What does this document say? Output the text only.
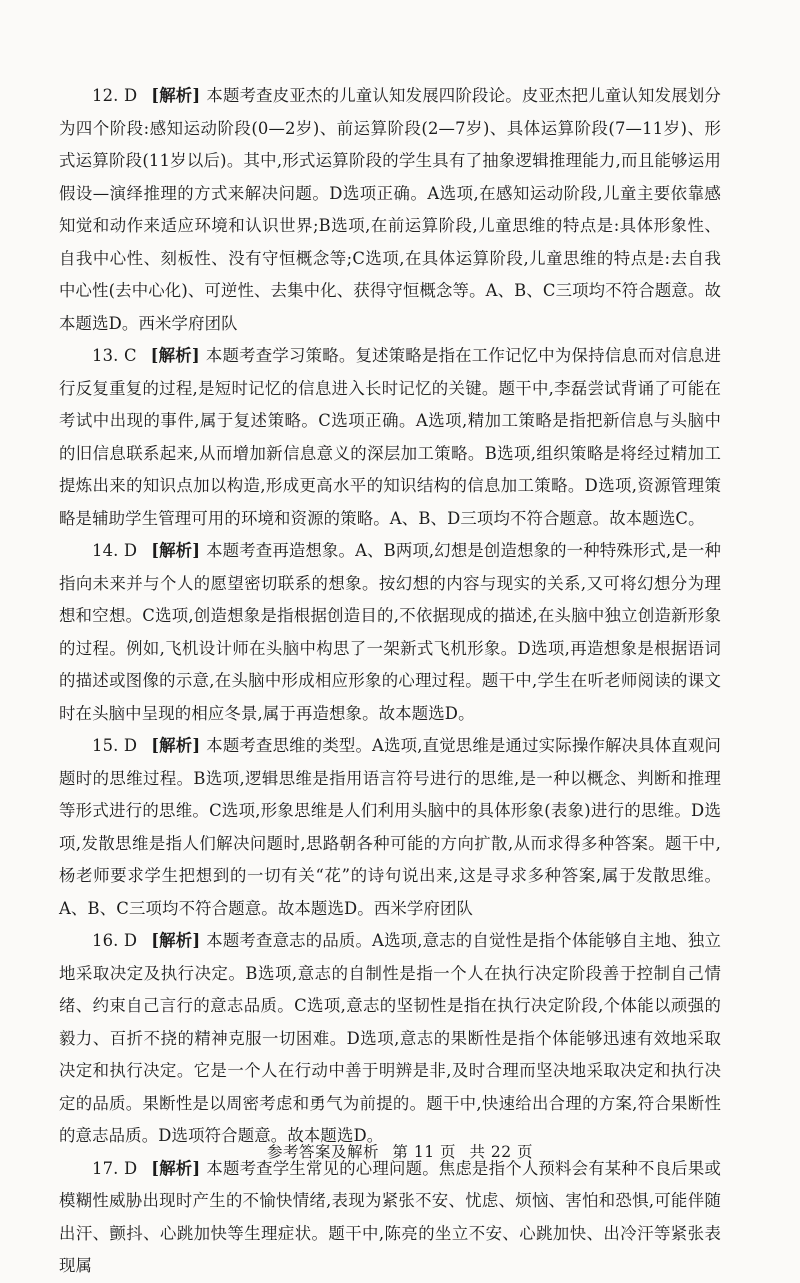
12. D [解析] 本题考查皮亚杰的儿童认知发展四阶段论。皮亚杰把儿童认知发展划分为四个阶段:感知运动阶段(0—2岁)、前运算阶段(2—7岁)、具体运算阶段(7—11岁)、形式运算阶段(11岁以后)。其中,形式运算阶段的学生具有了抽象逻辑推理能力,而且能够运用假设—演绎推理的方式来解决问题。D选项正确。A选项,在感知运动阶段,儿童主要依靠感知觉和动作来适应环境和认识世界;B选项,在前运算阶段,儿童思维的特点是:具体形象性、自我中心性、刻板性、没有守恒概念等;C选项,在具体运算阶段,儿童思维的特点是:去自我中心性(去中心化)、可逆性、去集中化、获得守恒概念等。A、B、C三项均不符合题意。故本题选D。西米学府团队

13. C [解析] 本题考查学习策略。复述策略是指在工作记忆中为保持信息而对信息进行反复重复的过程,是短时记忆的信息进入长时记忆的关键。题干中,李磊尝试背诵了可能在考试中出现的事件,属于复述策略。C选项正确。A选项,精加工策略是指把新信息与头脑中的旧信息联系起来,从而增加新信息意义的深层加工策略。B选项,组织策略是将经过精加工提炼出来的知识点加以构造,形成更高水平的知识结构的信息加工策略。D选项,资源管理策略是辅助学生管理可用的环境和资源的策略。A、B、D三项均不符合题意。故本题选C。

14. D [解析] 本题考查再造想象。A、B两项,幻想是创造想象的一种特殊形式,是一种指向未来并与个人的愿望密切联系的想象。按幻想的内容与现实的关系,又可将幻想分为理想和空想。C选项,创造想象是指根据创造目的,不依据现成的描述,在头脑中独立创造新形象的过程。例如,飞机设计师在头脑中构思了一架新式飞机形象。D选项,再造想象是根据语词的描述或图像的示意,在头脑中形成相应形象的心理过程。题干中,学生在听老师阅读的课文时在头脑中呈现的相应冬景,属于再造想象。故本题选D。

15. D [解析] 本题考查思维的类型。A选项,直觉思维是通过实际操作解决具体直观问题时的思维过程。B选项,逻辑思维是指用语言符号进行的思维,是一种以概念、判断和推理等形式进行的思维。C选项,形象思维是人们利用头脑中的具体形象(表象)进行的思维。D选项,发散思维是指人们解决问题时,思路朝各种可能的方向扩散,从而求得多种答案。题干中,杨老师要求学生把想到的一切有关“花”的诗句说出来,这是寻求多种答案,属于发散思维。A、B、C三项均不符合题意。故本题选D。西米学府团队

16. D [解析] 本题考查意志的品质。A选项,意志的自觉性是指个体能够自主地、独立地采取决定及执行决定。B选项,意志的自制性是指一个人在执行决定阶段善于控制自己情绪、约束自己言行的意志品质。C选项,意志的坚韧性是指在执行决定阶段,个体能以顽强的毅力、百折不挠的精神克服一切困难。D选项,意志的果断性是指个体能够迅速有效地采取决定和执行决定。它是一个人在行动中善于明辨是非,及时合理而坚决地采取决定和执行决定的品质。果断性是以周密考虑和勇气为前提的。题干中,快速给出合理的方案,符合果断性的意志品质。D选项符合题意。故本题选D。

17. D [解析] 本题考查学生常见的心理问题。焦虑是指个人预料会有某种不良后果或模糊性威胁出现时产生的不愉快情绪,表现为紧张不安、忧虑、烦恼、害怕和恐惧,可能伴随出汗、颤抖、心跳加快等生理症状。题干中,陈亮的坐立不安、心跳加快、出冷汗等紧张表现属

参考答案及解析 第 11 页 共 22 页
